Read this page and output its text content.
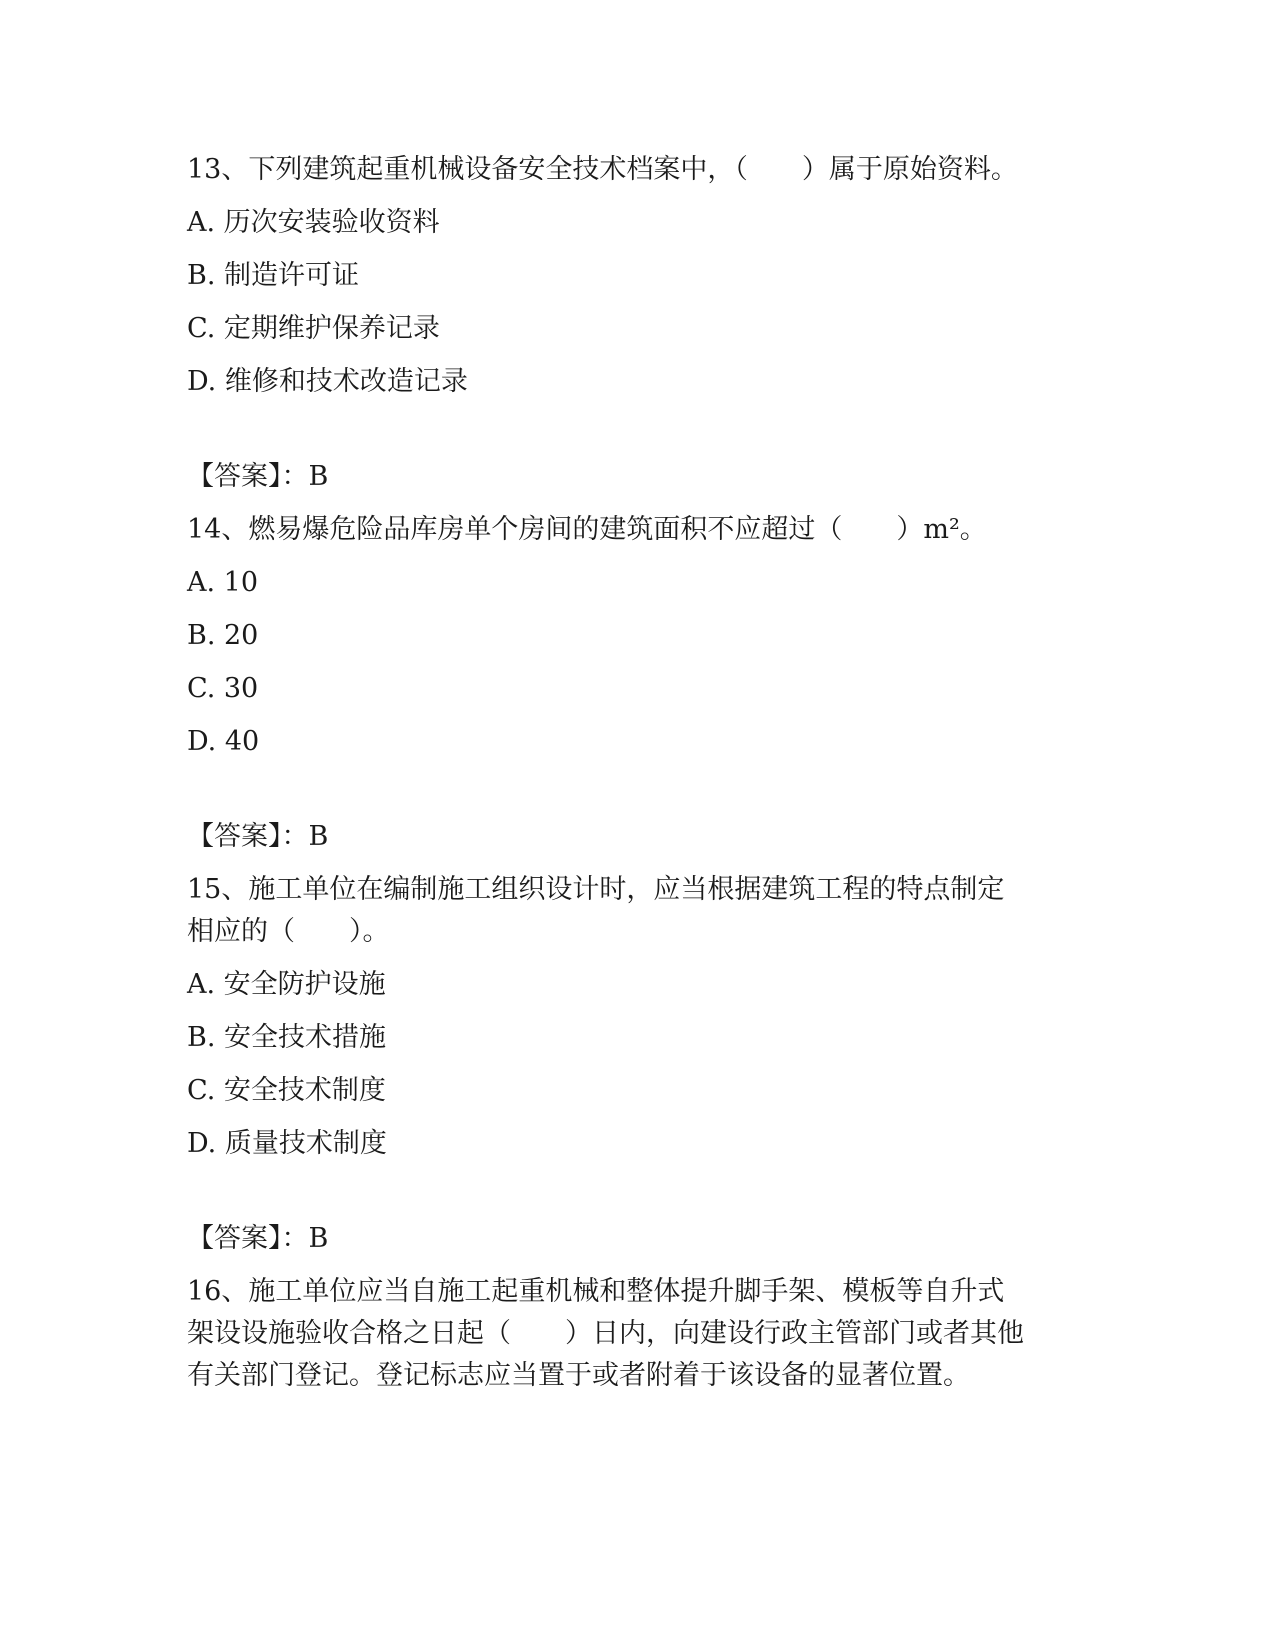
13、下列建筑起重机械设备安全技术档案中，（　　）属于原始资料。
A. 历次安装验收资料
B. 制造许可证
C. 定期维护保养记录
D. 维修和技术改造记录
【答案】：B
14、燃易爆危险品库房单个房间的建筑面积不应超过（　　）m²。
A. 10
B. 20
C. 30
D. 40
【答案】：B
15、施工单位在编制施工组织设计时，应当根据建筑工程的特点制定
相应的（　　）。
A. 安全防护设施
B. 安全技术措施
C. 安全技术制度
D. 质量技术制度
【答案】：B
16、施工单位应当自施工起重机械和整体提升脚手架、模板等自升式
架设设施验收合格之日起（　　）日内，向建设行政主管部门或者其他
有关部门登记。登记标志应当置于或者附着于该设备的显著位置。
